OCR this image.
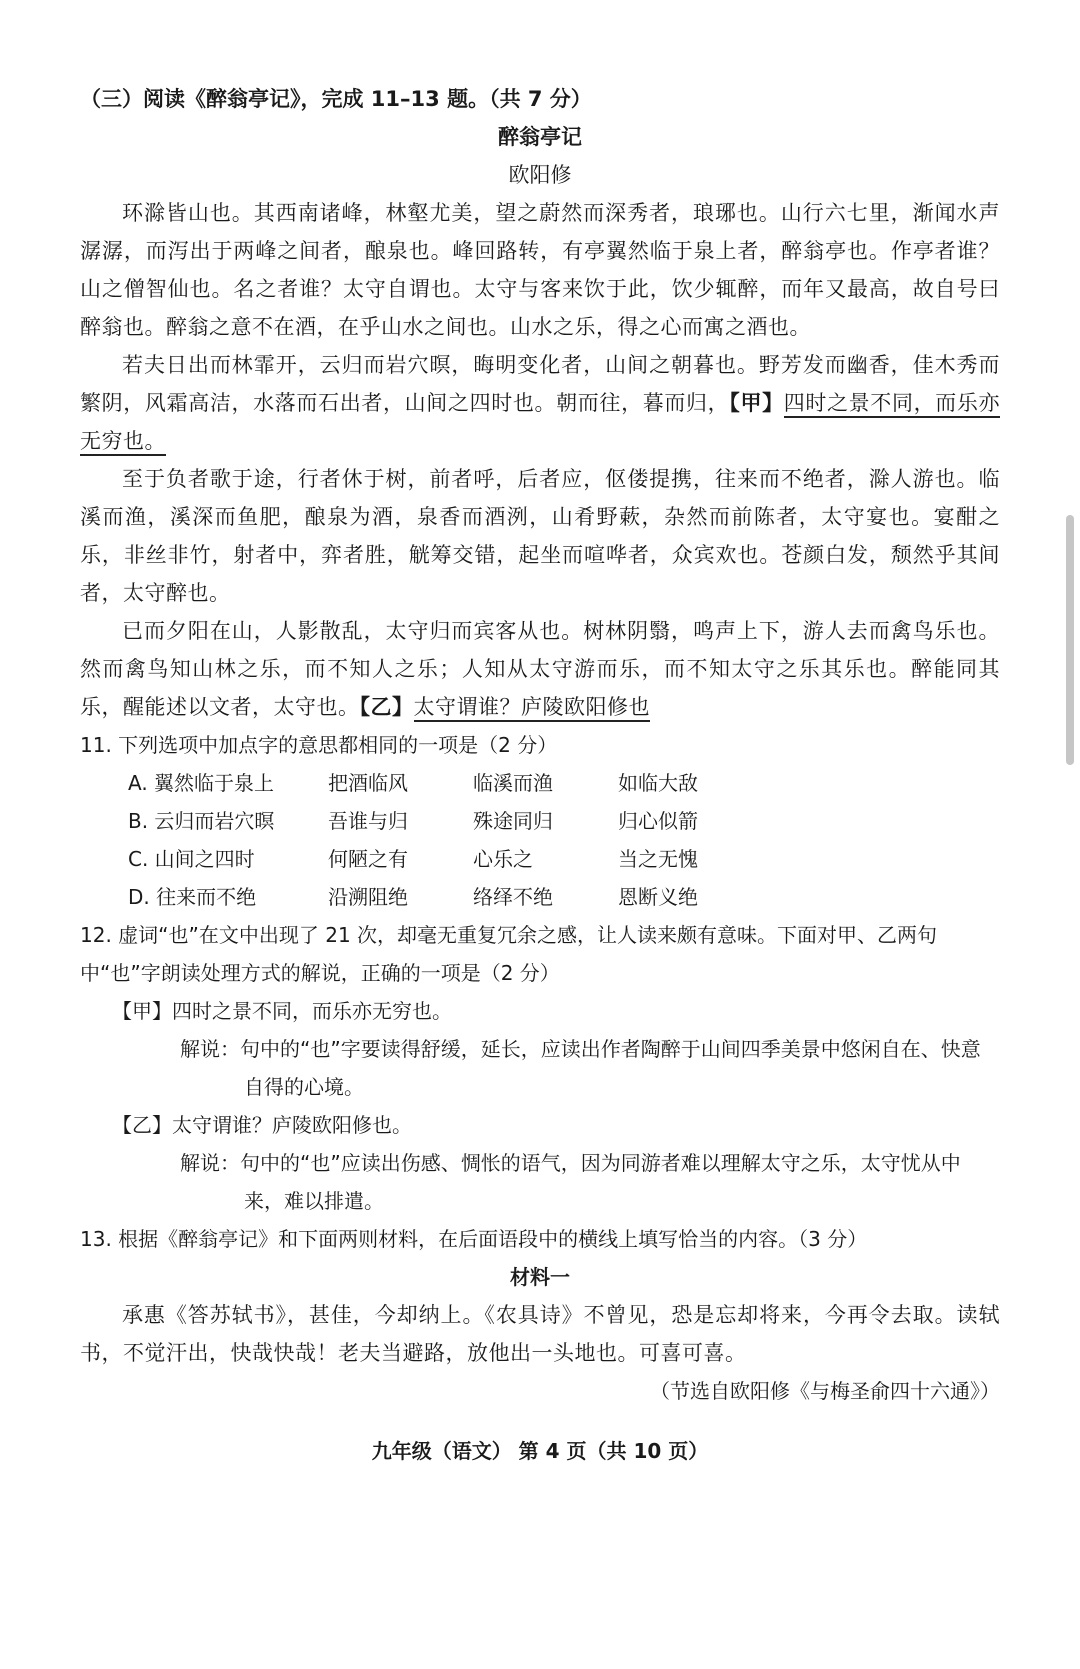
（三）阅读《醉翁亭记》，完成 11–13 题。（共 7 分）
醉翁亭记
欧阳修
环滁皆山也。其西南诸峰，林壑尤美，望之蔚然而深秀者，琅琊也。山行六七里，渐闻水声潺潺，而泻出于两峰之间者，酿泉也。峰回路转，有亭翼然临于泉上者，醉翁亭也。作亭者谁？山之僧智仙也。名之者谁？太守自谓也。太守与客来饮于此，饮少辄醉，而年又最高，故自号曰醉翁也。醉翁之意不在酒，在乎山水之间也。山水之乐，得之心而寓之酒也。
若夫日出而林霏开，云归而岩穴暝，晦明变化者，山间之朝暮也。野芳发而幽香，佳木秀而繁阴，风霜高洁，水落而石出者，山间之四时也。朝而往，暮而归，【甲】四时之景不同，而乐亦无穷也。
至于负者歌于途，行者休于树，前者呼，后者应，伛偻提携，往来而不绝者，滁人游也。临溪而渔，溪深而鱼肥，酿泉为酒，泉香而酒洌，山肴野蔌，杂然而前陈者，太守宴也。宴酣之乐，非丝非竹，射者中，弈者胜，觥筹交错，起坐而喧哗者，众宾欢也。苍颜白发，颓然乎其间者，太守醉也。
已而夕阳在山，人影散乱，太守归而宾客从也。树林阴翳，鸣声上下，游人去而禽鸟乐也。然而禽鸟知山林之乐，而不知人之乐；人知从太守游而乐，而不知太守之乐其乐也。醉能同其乐，醒能述以文者，太守也。【乙】太守谓谁？庐陵欧阳修也
11. 下列选项中加点字的意思都相同的一项是（2 分）
A. 翼然临于泉上	把酒临风	临溪而渔	如临大敌
B. 云归而岩穴暝	吾谁与归	殊途同归	归心似箭
C. 山间之四时	何陋之有	心乐之	当之无愧
D. 往来而不绝	沿溯阻绝	络绎不绝	恩断义绝
12. 虚词“也”在文中出现了 21 次，却毫无重复冗余之感，让人读来颇有意味。下面对甲、乙两句中“也”字朗读处理方式的解说，正确的一项是（2 分）
【甲】四时之景不同，而乐亦无穷也。
解说：句中的“也”字要读得舒缓，延长，应读出作者陶醉于山间四季美景中悠闲自在、快意自得的心境。
【乙】太守谓谁？庐陵欧阳修也。
解说：句中的“也”应读出伤感、惆怅的语气，因为同游者难以理解太守之乐，太守忧从中来，难以排遣。
13. 根据《醉翁亭记》和下面两则材料，在后面语段中的横线上填写恰当的内容。（3 分）
材料一
承惠《答苏轼书》，甚佳，今却纳上。《农具诗》不曾见，恐是忘却将来，今再令去取。读轼书，不觉汗出，快哉快哉！老夫当避路，放他出一头地也。可喜可喜。
（节选自欧阳修《与梅圣俞四十六通》）
九年级（语文） 第 4 页（共 10 页）
